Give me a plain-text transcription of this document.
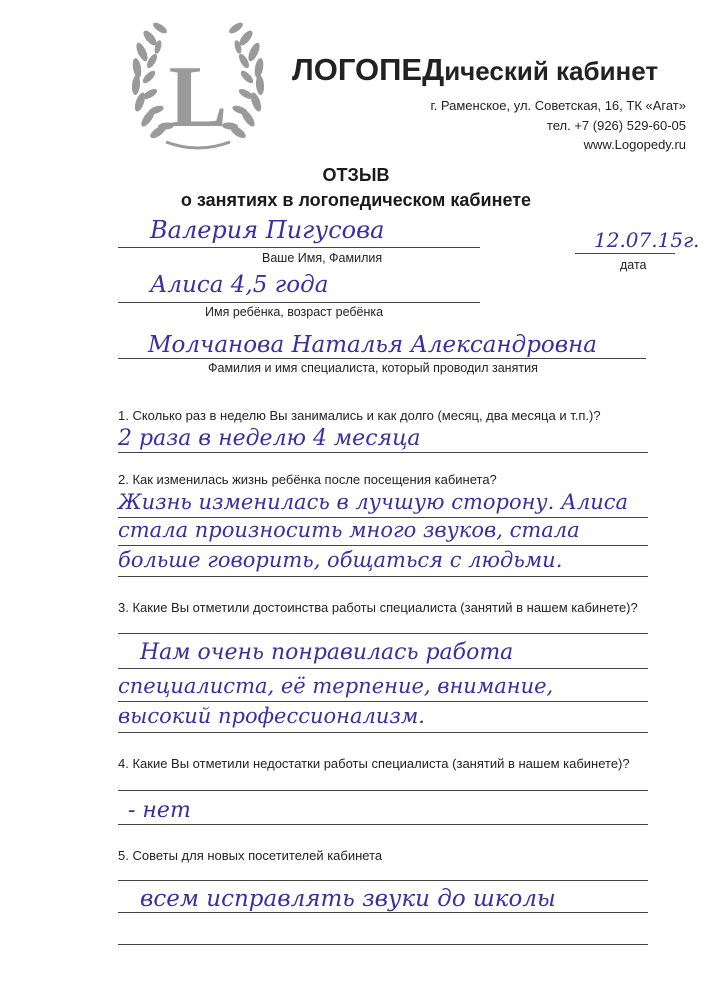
L ЛОГОПЕДический кабинет
г. Раменское, ул. Советская, 16, ТК «Агат»
тел. +7 (926) 529-60-05
www.Logopedy.ru
ОТЗЫВ
о занятиях в логопедическом кабинете
Валерия Пигусова
Ваше Имя, Фамилия
12.07.15г.
дата
Алиса 4,5 года
Имя ребёнка, возраст ребёнка
Молчанова Наталья Александровна
Фамилия и имя специалиста, который проводил занятия
1. Сколько раз в неделю Вы занимались и как долго (месяц, два месяца и т.п.)?
2 раза в неделю 4 месяца
2. Как изменилась жизнь ребёнка после посещения кабинета?
Жизнь изменилась в лучшую сторону. Алиса
стала произносить много звуков, стала
больше говорить, общаться с людьми.
3. Какие Вы отметили достоинства работы специалиста (занятий в нашем кабинете)?
Нам очень понравилась работа
специалиста, её терпение, внимание,
высокий профессионализм.
4. Какие Вы отметили недостатки работы специалиста (занятий в нашем кабинете)?
- нет
5. Советы для новых посетителей кабинета
всем исправлять звуки до школы
